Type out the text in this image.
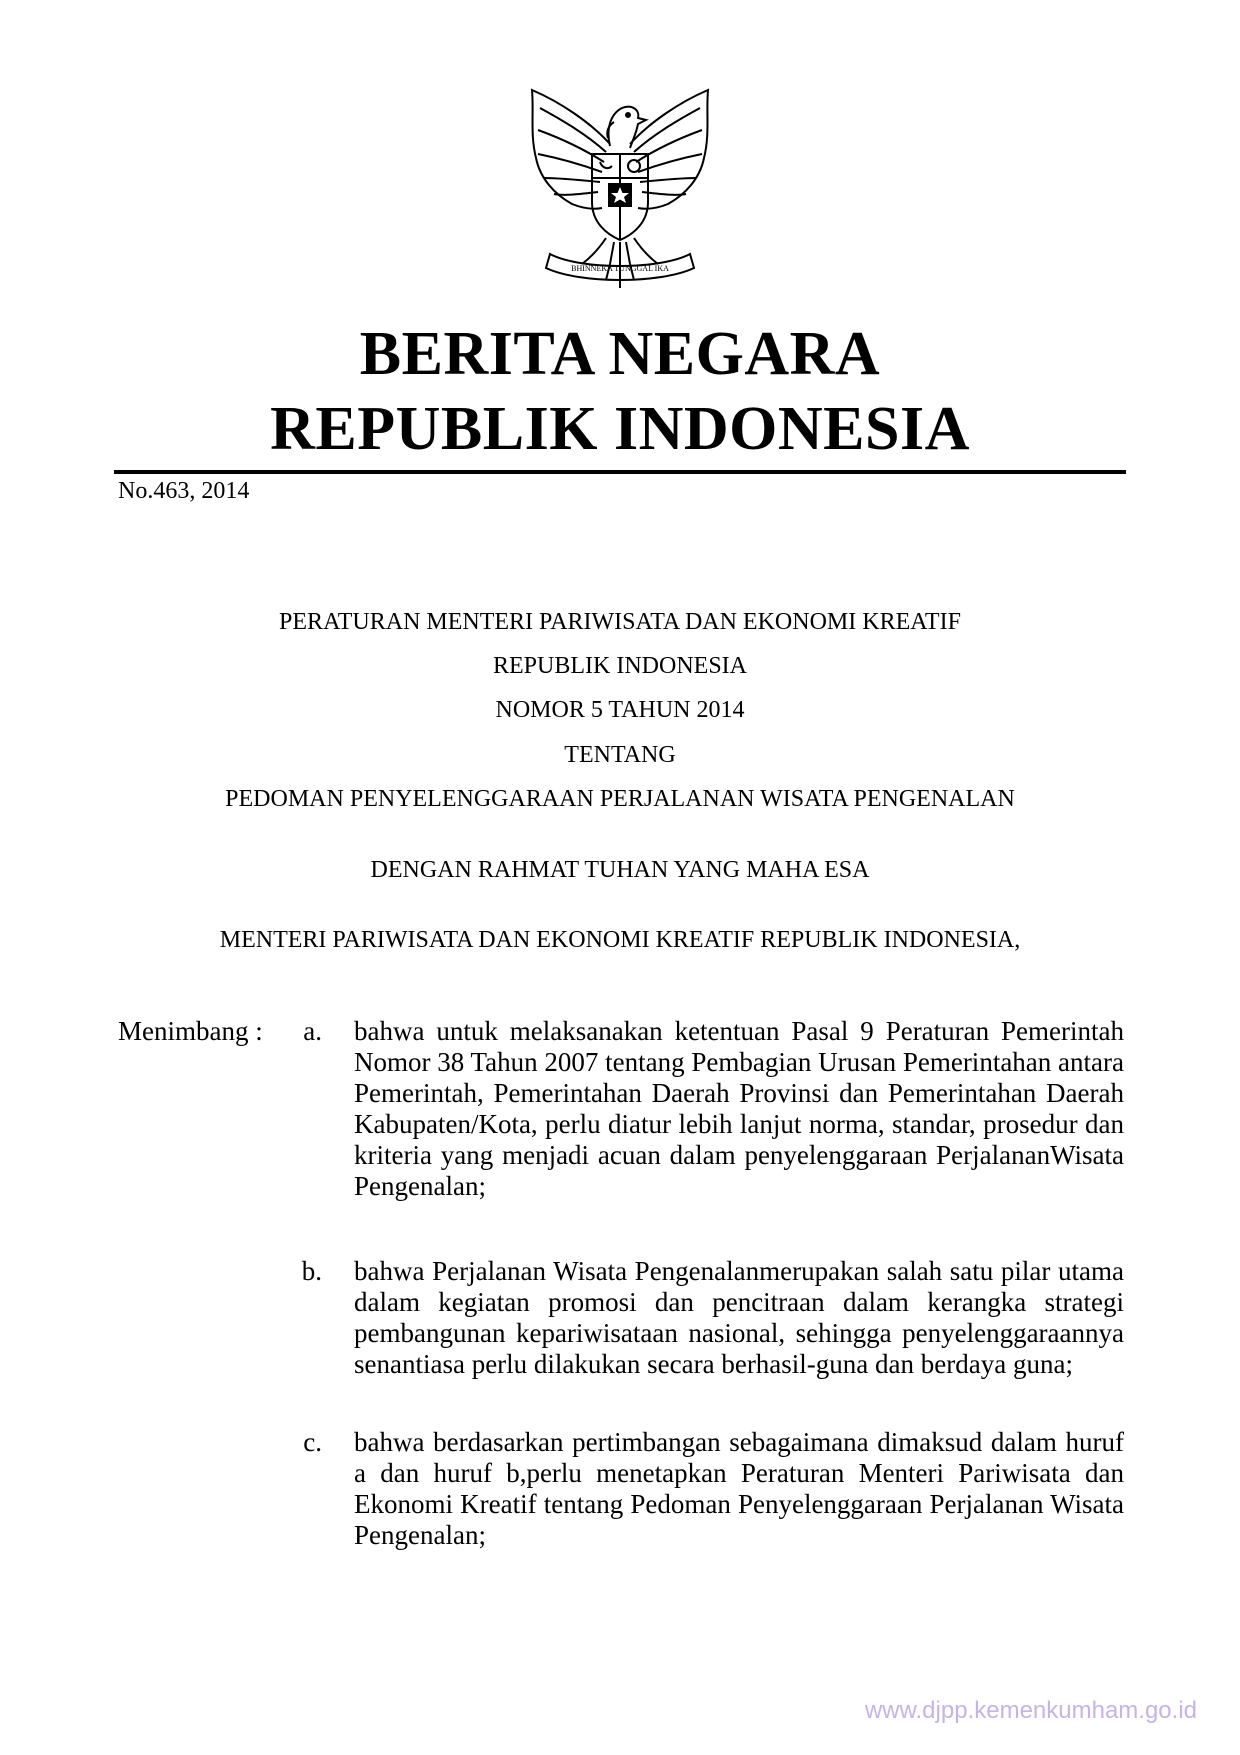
BHINNEKA TUNGGAL IKA
BERITA NEGARA
REPUBLIK INDONESIA
No.463, 2014
PERATURAN MENTERI PARIWISATA DAN EKONOMI KREATIF
REPUBLIK INDONESIA
NOMOR 5 TAHUN 2014
TENTANG
PEDOMAN PENYELENGGARAAN PERJALANAN WISATA PENGENALAN
DENGAN RAHMAT TUHAN YANG MAHA ESA
MENTERI PARIWISATA DAN EKONOMI KREATIF REPUBLIK INDONESIA,
Menimbang :	a. bahwa untuk melaksanakan ketentuan Pasal 9 Peraturan Pemerintah Nomor 38 Tahun 2007 tentang Pembagian Urusan Pemerintahan antara Pemerintah, Pemerintahan Daerah Provinsi dan Pemerintahan Daerah Kabupaten/Kota, perlu diatur lebih lanjut norma, standar, prosedur dan kriteria yang menjadi acuan dalam penyelenggaraan PerjalananWisata Pengenalan;
b. bahwa Perjalanan Wisata Pengenalanmerupakan salah satu pilar utama dalam kegiatan promosi dan pencitraan dalam kerangka strategi pembangunan kepariwisataan nasional, sehingga penyelenggaraannya senantiasa perlu dilakukan secara berhasil-guna dan berdaya guna;
c. bahwa berdasarkan pertimbangan sebagaimana dimaksud dalam huruf a dan huruf b,perlu menetapkan Peraturan Menteri Pariwisata dan Ekonomi Kreatif tentang Pedoman Penyelenggaraan Perjalanan Wisata Pengenalan;
www.djpp.kemenkumham.go.id
